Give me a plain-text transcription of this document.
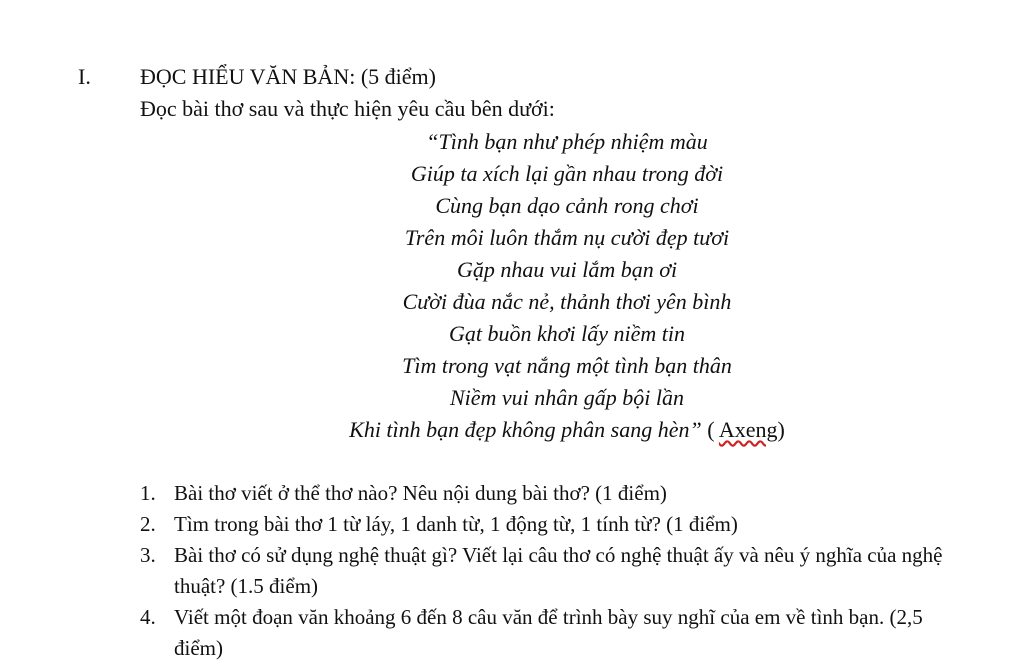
I. ĐỌC HIỂU VĂN BẢN: (5 điểm)
Đọc bài thơ sau và thực hiện yêu cầu bên dưới:
“Tình bạn như phép nhiệm màu
Giúp ta xích lại gần nhau trong đời
Cùng bạn dạo cảnh rong chơi
Trên môi luôn thắm nụ cười đẹp tươi
Gặp nhau vui lắm bạn ơi
Cười đùa nắc nẻ, thảnh thơi yên bình
Gạt buồn khơi lấy niềm tin
Tìm trong vạt nắng một tình bạn thân
Niềm vui nhân gấp bội lần
Khi tình bạn đẹp không phân sang hèn” ( Axeng)
1. Bài thơ viết ở thể thơ nào? Nêu nội dung bài thơ? (1 điểm)
2. Tìm trong bài thơ 1 từ láy, 1 danh từ, 1 động từ, 1 tính từ? (1 điểm)
3. Bài thơ có sử dụng nghệ thuật gì? Viết lại câu thơ có nghệ thuật ấy và nêu ý nghĩa của nghệ thuật? (1.5 điểm)
4. Viết một đoạn văn khoảng 6 đến 8 câu văn để trình bày suy nghĩ của em về tình bạn. (2,5 điểm)
